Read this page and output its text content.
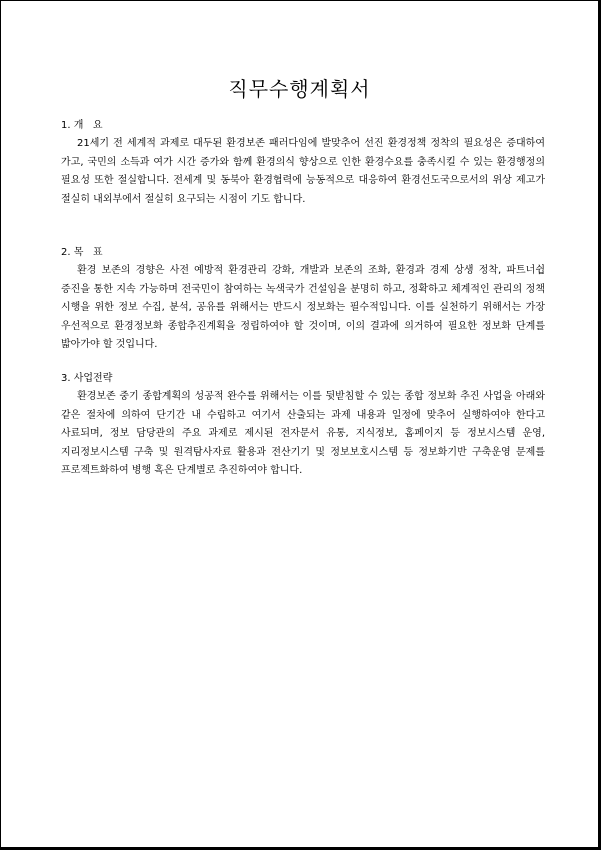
직무수행계획서

1. 개   요

21세기 전 세계적 과제로 대두된 환경보존 패러다임에 발맞추어 선진 환경정책 정착의 필요성은 증대하여 가고, 국민의 소득과 여가 시간 증가와 함께 환경의식 향상으로 인한 환경수요를 충족시킬 수 있는 환경행정의 필요성 또한 절실합니다. 전세계 및 동북아 환경협력에 능동적으로 대응하여 환경선도국으로서의 위상 제고가 절실히 내외부에서 절실히 요구되는 시점이 기도 합니다.

2. 목   표

환경 보존의 경향은 사전 예방적 환경관리 강화, 개발과 보존의 조화, 환경과 경제 상생 정착, 파트너쉽 증진을 통한 지속 가능하며 전국민이 참여하는 녹색국가 건설임을 분명히 하고, 정확하고 체계적인 관리의 정책 시행을 위한 정보 수집, 분석, 공유를 위해서는 반드시 정보화는 필수적입니다. 이를 실천하기 위해서는 가장 우선적으로 환경정보화 종합추진계획을 정립하여야 할 것이며, 이의 결과에 의거하여 필요한 정보화 단계를 밟아가야 할 것입니다.

3. 사업전략

환경보존 중기 종합계획의 성공적 완수를 위해서는 이를 뒷받침할 수 있는 종합 정보화 추진 사업을 아래와 같은 절차에 의하여 단기간 내 수립하고 여기서 산출되는 과제 내용과 일정에 맞추어 실행하여야 한다고 사료되며, 정보 담당관의 주요 과제로 제시된 전자문서 유통, 지식정보, 홈페이지 등 정보시스템 운영, 지리정보시스템 구축 및 원격탐사자료 활용과 전산기기 및 정보보호시스템 등 정보화기반 구축운영 문제를 프로젝트화하여 병행 혹은 단계별로 추진하여야 합니다.
